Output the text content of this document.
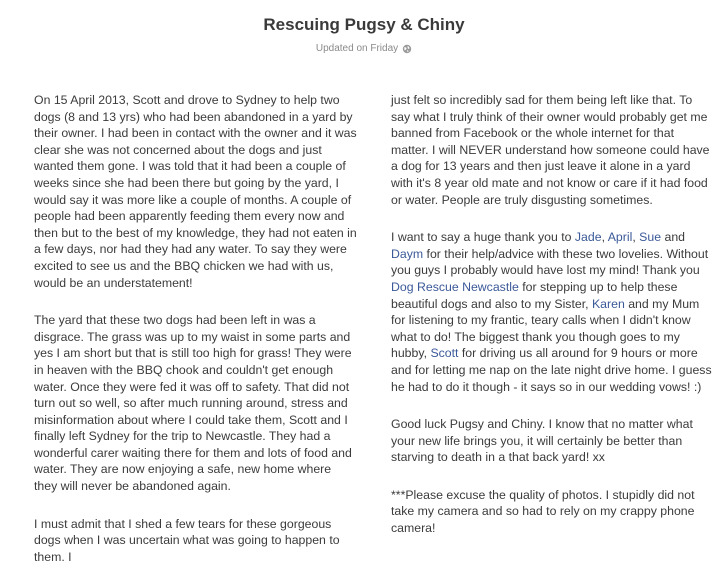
Rescuing Pugsy & Chiny
Updated on Friday

On 15 April 2013, Scott and drove to Sydney to help two dogs (8 and 13 yrs) who had been abandoned in a yard by their owner. I had been in contact with the owner and it was clear she was not concerned about the dogs and just wanted them gone. I was told that it had been a couple of weeks since she had been there but going by the yard, I would say it was more like a couple of months. A couple of people had been apparently feeding them every now and then but to the best of my knowledge, they had not eaten in a few days, nor had they had any water. To say they were excited to see us and the BBQ chicken we had with us, would be an understatement!

The yard that these two dogs had been left in was a disgrace. The grass was up to my waist in some parts and yes I am short but that is still too high for grass! They were in heaven with the BBQ chook and couldn't get enough water. Once they were fed it was off to safety. That did not turn out so well, so after much running around, stress and misinformation about where I could take them, Scott and I finally left Sydney for the trip to Newcastle. They had a wonderful carer waiting there for them and lots of food and water. They are now enjoying a safe, new home where they will never be abandoned again.

I must admit that I shed a few tears for these gorgeous dogs when I was uncertain what was going to happen to them. I

just felt so incredibly sad for them being left like that. To say what I truly think of their owner would probably get me banned from Facebook or the whole internet for that matter. I will NEVER understand how someone could have a dog for 13 years and then just leave it alone in a yard with it's 8 year old mate and not know or care if it had food or water. People are truly disgusting sometimes.

I want to say a huge thank you to Jade, April, Sue and Daym for their help/advice with these two lovelies. Without you guys I probably would have lost my mind! Thank you Dog Rescue Newcastle for stepping up to help these beautiful dogs and also to my Sister, Karen and my Mum for listening to my frantic, teary calls when I didn't know what to do! The biggest thank you though goes to my hubby, Scott for driving us all around for 9 hours or more and for letting me nap on the late night drive home. I guess he had to do it though - it says so in our wedding vows! :)

Good luck Pugsy and Chiny. I know that no matter what your new life brings you, it will certainly be better than starving to death in a that back yard! xx

***Please excuse the quality of photos. I stupidly did not take my camera and so had to rely on my crappy phone camera!
